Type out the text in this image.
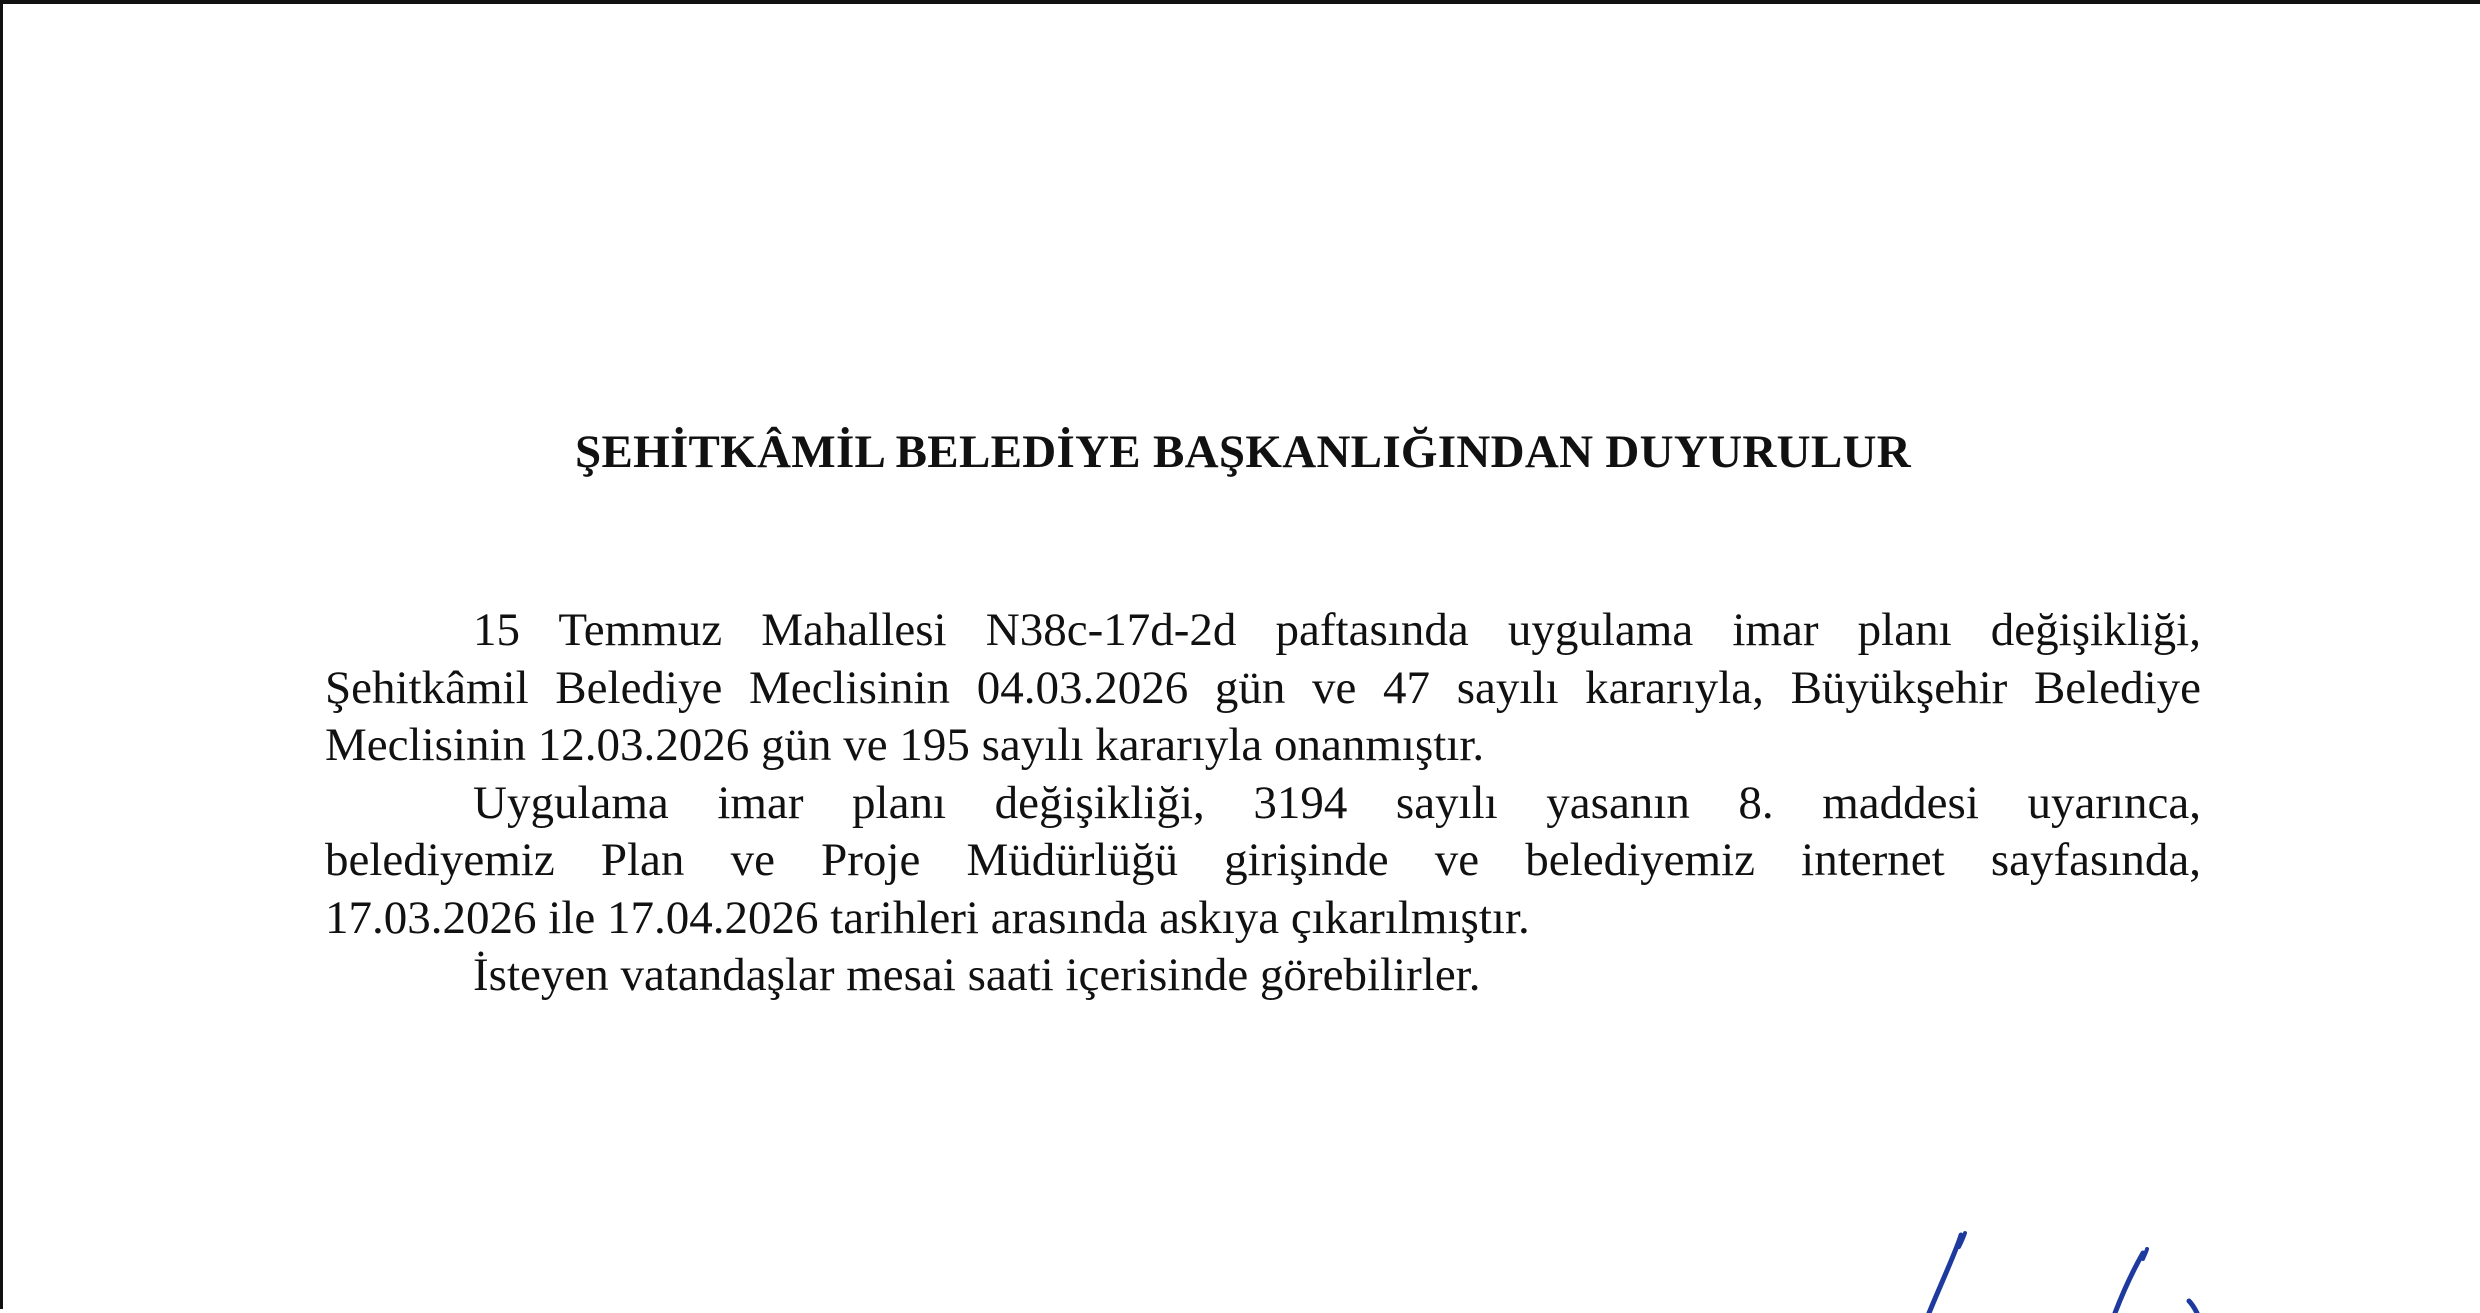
ŞEHİTKÂMİL BELEDİYE BAŞKANLIĞINDAN DUYURULUR
15 Temmuz Mahallesi N38c-17d-2d paftasında uygulama imar planı değişikliği,
Şehitkâmil Belediye Meclisinin 04.03.2026 gün ve 47 sayılı kararıyla, Büyükşehir Belediye
Meclisinin 12.03.2026 gün ve 195 sayılı kararıyla onanmıştır.
Uygulama imar planı değişikliği, 3194 sayılı yasanın 8. maddesi uyarınca,
belediyemiz Plan ve Proje Müdürlüğü girişinde ve belediyemiz internet sayfasında,
17.03.2026 ile 17.04.2026 tarihleri arasında askıya çıkarılmıştır.
İsteyen vatandaşlar mesai saati içerisinde görebilirler.
